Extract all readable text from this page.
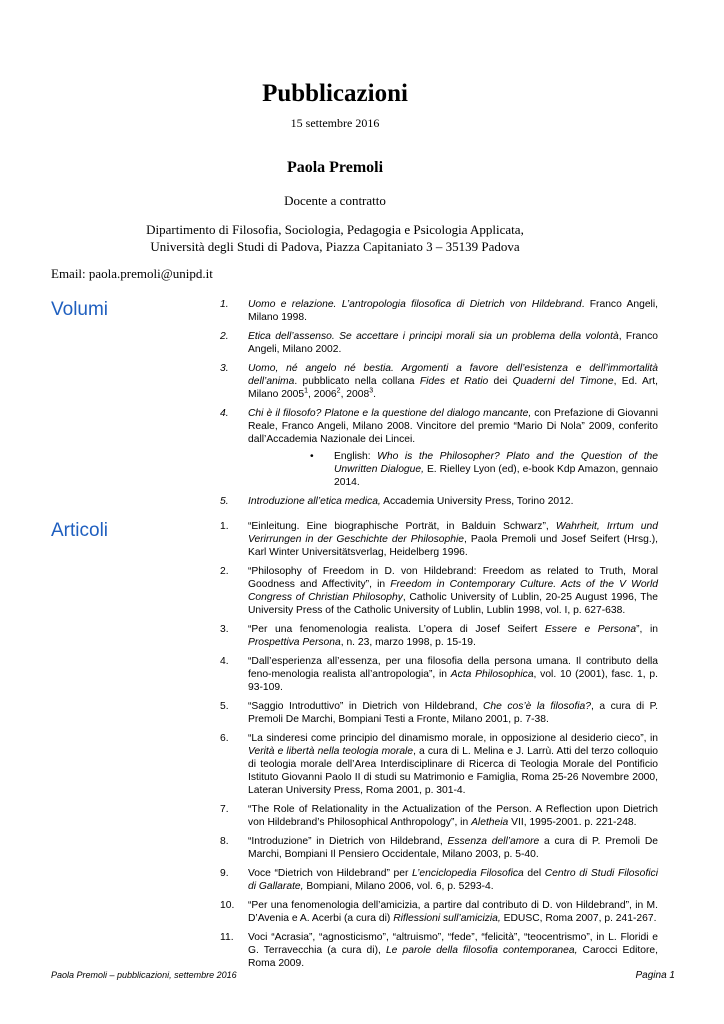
Pubblicazioni
15 settembre 2016
Paola Premoli
Docente a contratto
Dipartimento di Filosofia, Sociologia, Pedagogia e Psicologia Applicata,
Università degli Studi di Padova, Piazza Capitaniato 3 – 35139 Padova
Email: paola.premoli@unipd.it
Volumi	1.	Uomo e relazione. L’antropologia filosofica di Dietrich von Hildebrand. Franco Angeli, Milano 1998.
2.	Etica dell’assenso. Se accettare i principi morali sia un problema della volontà, Franco Angeli, Milano 2002.
3.	Uomo, né angelo né bestia. Argomenti a favore dell’esistenza e dell’immortalità dell’anima. pubblicato nella collana Fides et Ratio dei Quaderni del Timone, Ed. Art, Milano 2005$^1$, 2006$^2$, 2008$^3$.
4.	Chi è il filosofo? Platone e la questione del dialogo mancante, con Prefazione di Giovanni Reale, Franco Angeli, Milano 2008. Vincitore del premio “Mario Di Nola” 2009, conferito dall’Accademia Nazionale dei Lincei.
• English: Who is the Philosopher? Plato and the Question of the Unwritten Dialogue, E. Rielley Lyon (ed), e-book Kdp Amazon, gennaio 2014.
5.	Introduzione all’etica medica, Accademia University Press, Torino 2012.
Articoli	1.	“Einleitung. Eine biographische Porträt, in Balduin Schwarz”, Wahrheit, Irrtum und Verirrungen in der Geschichte der Philosophie, Paola Premoli und Josef Seifert (Hrsg.), Karl Winter Universitätsverlag, Heidelberg 1996.
2.	“Philosophy of Freedom in D. von Hildebrand: Freedom as related to Truth, Moral Goodness and Affectivity”, in Freedom in Contemporary Culture. Acts of the V World Congress of Christian Philosophy, Catholic University of Lublin, 20-25 August 1996, The University Press of the Catholic University of Lublin, Lublin 1998, vol. I, p. 627-638.
3.	“Per una fenomenologia realista. L’opera di Josef Seifert Essere e Persona”, in Prospettiva Persona, n. 23, marzo 1998, p. 15-19.
4.	“Dall’esperienza all’essenza, per una filosofia della persona umana. Il contributo della feno-menologia realista all’antropologia”, in Acta Philosophica, vol. 10 (2001), fasc. 1, p. 93-109.
5.	“Saggio Introduttivo” in Dietrich von Hildebrand, Che cos’è la filosofia?, a cura di P. Premoli De Marchi, Bompiani Testi a Fronte, Milano 2001, p. 7-38.
6.	“La sinderesi come principio del dinamismo morale, in opposizione al desiderio cieco”, in Verità e libertà nella teologia morale, a cura di L. Melina e J. Larrù. Atti del terzo colloquio di teologia morale dell’Area Interdisciplinare di Ricerca di Teologia Morale del Pontificio Istituto Giovanni Paolo II di studi su Matrimonio e Famiglia, Roma 25-26 Novembre 2000, Lateran University Press, Roma 2001, p. 301-4.
7.	“The Role of Relationality in the Actualization of the Person. A Reflection upon Dietrich von Hildebrand’s Philosophical Anthropology”, in Aletheia VII, 1995-2001. p. 221-248.
8.	“Introduzione” in Dietrich von Hildebrand, Essenza dell’amore a cura di P. Premoli De Marchi, Bompiani Il Pensiero Occidentale, Milano 2003, p. 5-40.
9.	Voce “Dietrich von Hildebrand” per L’enciclopedia Filosofica del Centro di Studi Filosofici di Gallarate, Bompiani, Milano 2006, vol. 6, p. 5293-4.
10.	“Per una fenomenologia dell’amicizia, a partire dal contributo di D. von Hildebrand”, in M. D’Avenia e A. Acerbi (a cura di) Riflessioni sull’amicizia, EDUSC, Roma 2007, p. 241-267.
11.	Voci “Acrasia”, “agnosticismo”, “altruismo”, “fede”, “felicità”, “teocentrismo”, in L. Floridi e G. Terravecchia (a cura di), Le parole della filosofia contemporanea, Carocci Editore, Roma 2009.
Paola Premoli – pubblicazioni, settembre 2016	Pagina 1
